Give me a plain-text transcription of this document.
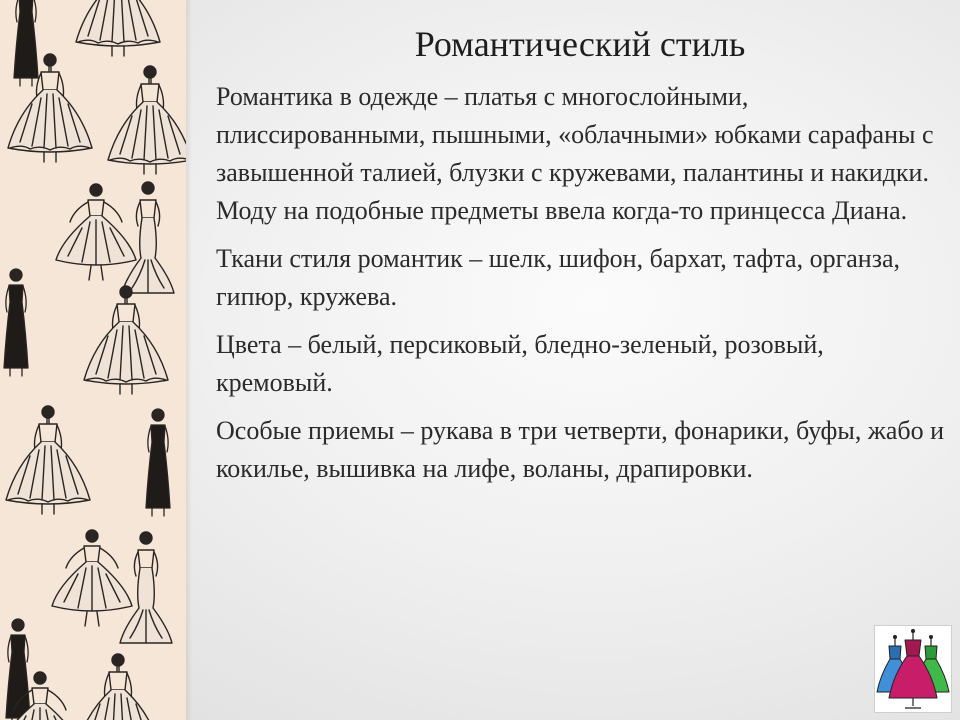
Романтический стиль

Романтика в одежде – платья с многослойными, плиссированными, пышными, «облачными» юбками сарафаны с завышенной талией, блузки с кружевами, палантины и накидки. Моду на подобные предметы ввела когда-то принцесса Диана.

Ткани стиля романтик – шелк, шифон, бархат, тафта, органза, гипюр, кружева.

Цвета – белый, персиковый, бледно-зеленый, розовый, кремовый.

Особые приемы – рукава в три четверти, фонарики, буфы, жабо и кокилье, вышивка на лифе, воланы, драпировки.
